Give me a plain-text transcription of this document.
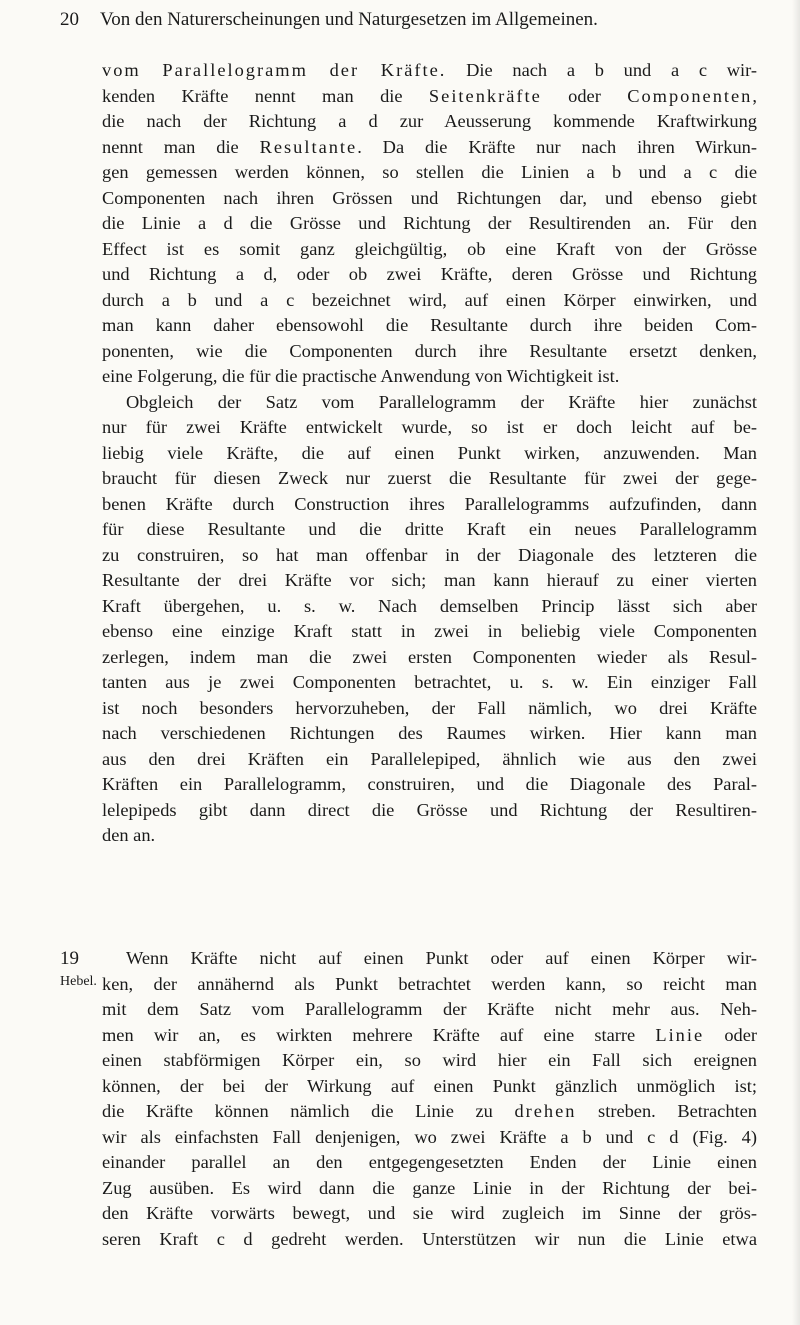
20 Von den Naturerscheinungen und Naturgesetzen im Allgemeinen.
vom Parallelogramm der Kräfte. Die nach a b und a c wir-
kenden Kräfte nennt man die Seitenkräfte oder Componenten,
die nach der Richtung a d zur Aeusserung kommende Kraftwirkung
nennt man die Resultante. Da die Kräfte nur nach ihren Wirkun-
gen gemessen werden können, so stellen die Linien a b und a c die
Componenten nach ihren Grössen und Richtungen dar, und ebenso giebt
die Linie a d die Grösse und Richtung der Resultirenden an. Für den
Effect ist es somit ganz gleichgültig, ob eine Kraft von der Grösse
und Richtung a d, oder ob zwei Kräfte, deren Grösse und Richtung
durch a b und a c bezeichnet wird, auf einen Körper einwirken, und
man kann daher ebensowohl die Resultante durch ihre beiden Com-
ponenten, wie die Componenten durch ihre Resultante ersetzt denken,
eine Folgerung, die für die practische Anwendung von Wichtigkeit ist.
Obgleich der Satz vom Parallelogramm der Kräfte hier zunächst
nur für zwei Kräfte entwickelt wurde, so ist er doch leicht auf be-
liebig viele Kräfte, die auf einen Punkt wirken, anzuwenden. Man
braucht für diesen Zweck nur zuerst die Resultante für zwei der gege-
benen Kräfte durch Construction ihres Parallelogramms aufzufinden, dann
für diese Resultante und die dritte Kraft ein neues Parallelogramm
zu construiren, so hat man offenbar in der Diagonale des letzteren die
Resultante der drei Kräfte vor sich; man kann hierauf zu einer vierten
Kraft übergehen, u. s. w. Nach demselben Princip lässt sich aber
ebenso eine einzige Kraft statt in zwei in beliebig viele Componenten
zerlegen, indem man die zwei ersten Componenten wieder als Resul-
tanten aus je zwei Componenten betrachtet, u. s. w. Ein einziger Fall
ist noch besonders hervorzuheben, der Fall nämlich, wo drei Kräfte
nach verschiedenen Richtungen des Raumes wirken. Hier kann man
aus den drei Kräften ein Parallelepiped, ähnlich wie aus den zwei
Kräften ein Parallelogramm, construiren, und die Diagonale des Paral-
lelepipeds gibt dann direct die Grösse und Richtung der Resultiren-
den an.
19
Hebel.
Wenn Kräfte nicht auf einen Punkt oder auf einen Körper wir-
ken, der annähernd als Punkt betrachtet werden kann, so reicht man
mit dem Satz vom Parallelogramm der Kräfte nicht mehr aus. Neh-
men wir an, es wirkten mehrere Kräfte auf eine starre Linie oder
einen stabförmigen Körper ein, so wird hier ein Fall sich ereignen
können, der bei der Wirkung auf einen Punkt gänzlich unmöglich ist;
die Kräfte können nämlich die Linie zu drehen streben. Betrachten
wir als einfachsten Fall denjenigen, wo zwei Kräfte a b und c d (Fig. 4)
einander parallel an den entgegengesetzten Enden der Linie einen
Zug ausüben. Es wird dann die ganze Linie in der Richtung der bei-
den Kräfte vorwärts bewegt, und sie wird zugleich im Sinne der grös-
seren Kraft c d gedreht werden. Unterstützen wir nun die Linie etwa
